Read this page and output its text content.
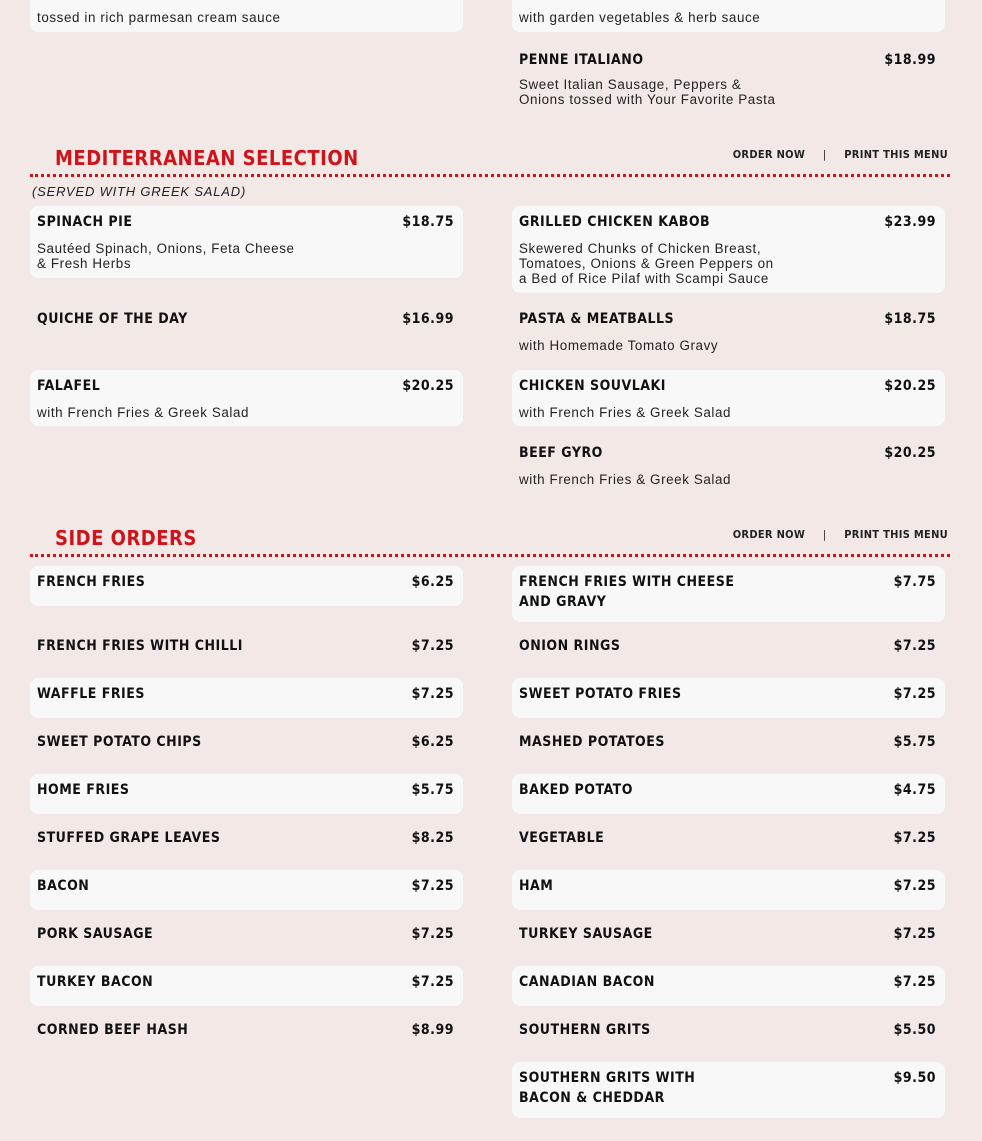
tossed in rich parmesan cream sauce	with garden vegetables & herb sauce
PENNE ITALIANO	$18.99
Sweet Italian Sausage, Peppers & Onions tossed with Your Favorite Pasta
MEDITERRANEAN SELECTION	ORDER NOW | PRINT THIS MENU
(SERVED WITH GREEK SALAD)
SPINACH PIE	$18.75
Sautéed Spinach, Onions, Feta Cheese & Fresh Herbs
GRILLED CHICKEN KABOB	$23.99
Skewered Chunks of Chicken Breast, Tomatoes, Onions & Green Peppers on a Bed of Rice Pilaf with Scampi Sauce
QUICHE OF THE DAY	$16.99	PASTA & MEATBALLS	$18.75
with Homemade Tomato Gravy
FALAFEL	$20.25
with French Fries & Greek Salad
CHICKEN SOUVLAKI	$20.25
with French Fries & Greek Salad
BEEF GYRO	$20.25
with French Fries & Greek Salad
SIDE ORDERS	ORDER NOW | PRINT THIS MENU
FRENCH FRIES	$6.25
FRENCH FRIES WITH CHILLI	$7.25
WAFFLE FRIES	$7.25
SWEET POTATO CHIPS	$6.25
HOME FRIES	$5.75
STUFFED GRAPE LEAVES	$8.25
BACON	$7.25
PORK SAUSAGE	$7.25
TURKEY BACON	$7.25
CORNED BEEF HASH	$8.99
FRENCH FRIES WITH CHEESE AND GRAVY
$7.75
ONION RINGS	$7.25
SWEET POTATO FRIES	$7.25
MASHED POTATOES	$5.75
BAKED POTATO	$4.75
VEGETABLE	$7.25
HAM	$7.25
TURKEY SAUSAGE	$7.25
CANADIAN BACON	$7.25
SOUTHERN GRITS	$5.50
SOUTHERN GRITS WITH BACON & CHEDDAR
$9.50
